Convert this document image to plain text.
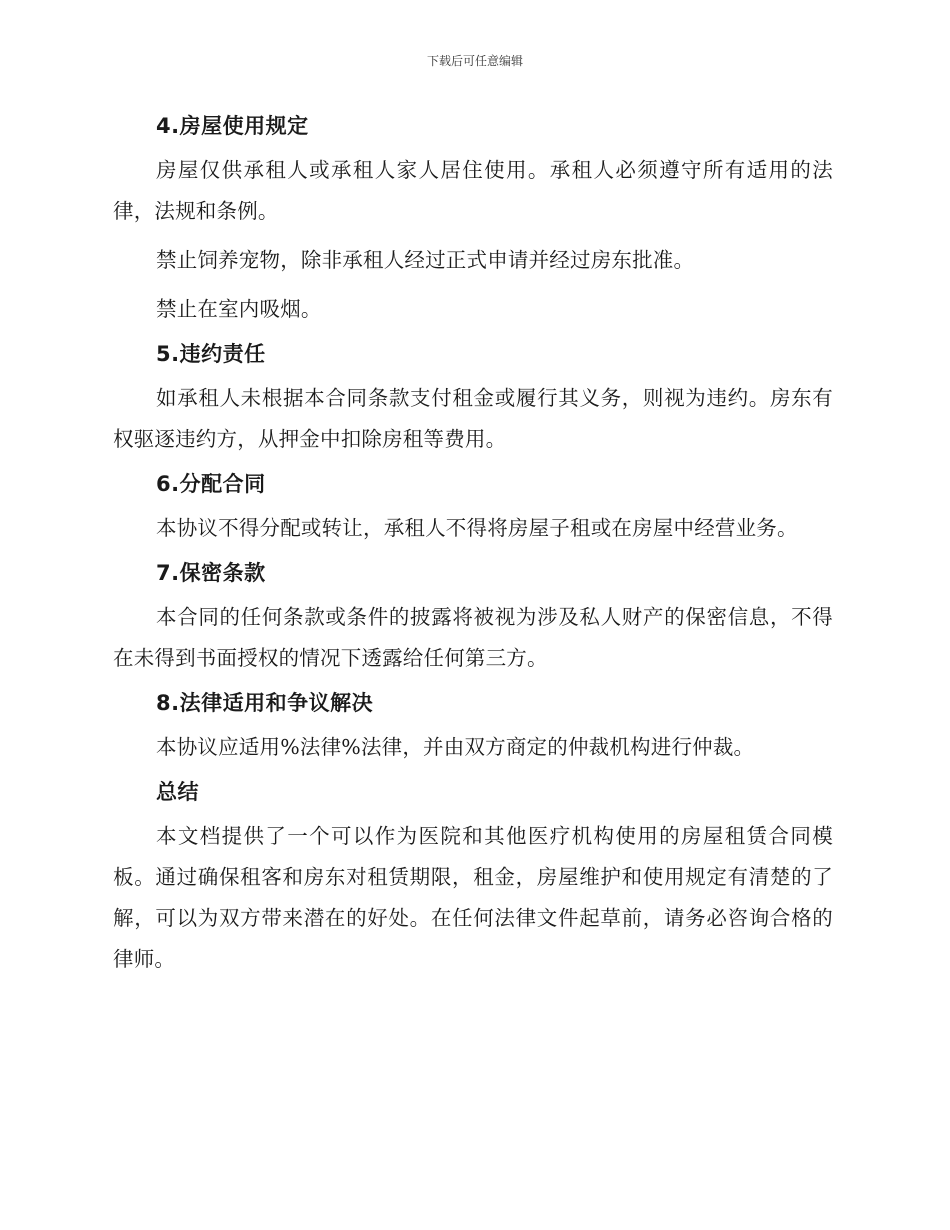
下载后可任意编辑
4.房屋使用规定

房屋仅供承租人或承租人家人居住使用。承租人必须遵守所有适用的法律，法规和条例。

禁止饲养宠物，除非承租人经过正式申请并经过房东批准。

禁止在室内吸烟。

5.违约责任

如承租人未根据本合同条款支付租金或履行其义务，则视为违约。房东有权驱逐违约方，从押金中扣除房租等费用。

6.分配合同

本协议不得分配或转让，承租人不得将房屋子租或在房屋中经营业务。

7.保密条款

本合同的任何条款或条件的披露将被视为涉及私人财产的保密信息，不得在未得到书面授权的情况下透露给任何第三方。

8.法律适用和争议解决

本协议应适用%法律%法律，并由双方商定的仲裁机构进行仲裁。

总结

本文档提供了一个可以作为医院和其他医疗机构使用的房屋租赁合同模板。通过确保租客和房东对租赁期限，租金，房屋维护和使用规定有清楚的了解，可以为双方带来潜在的好处。在任何法律文件起草前，请务必咨询合格的律师。
